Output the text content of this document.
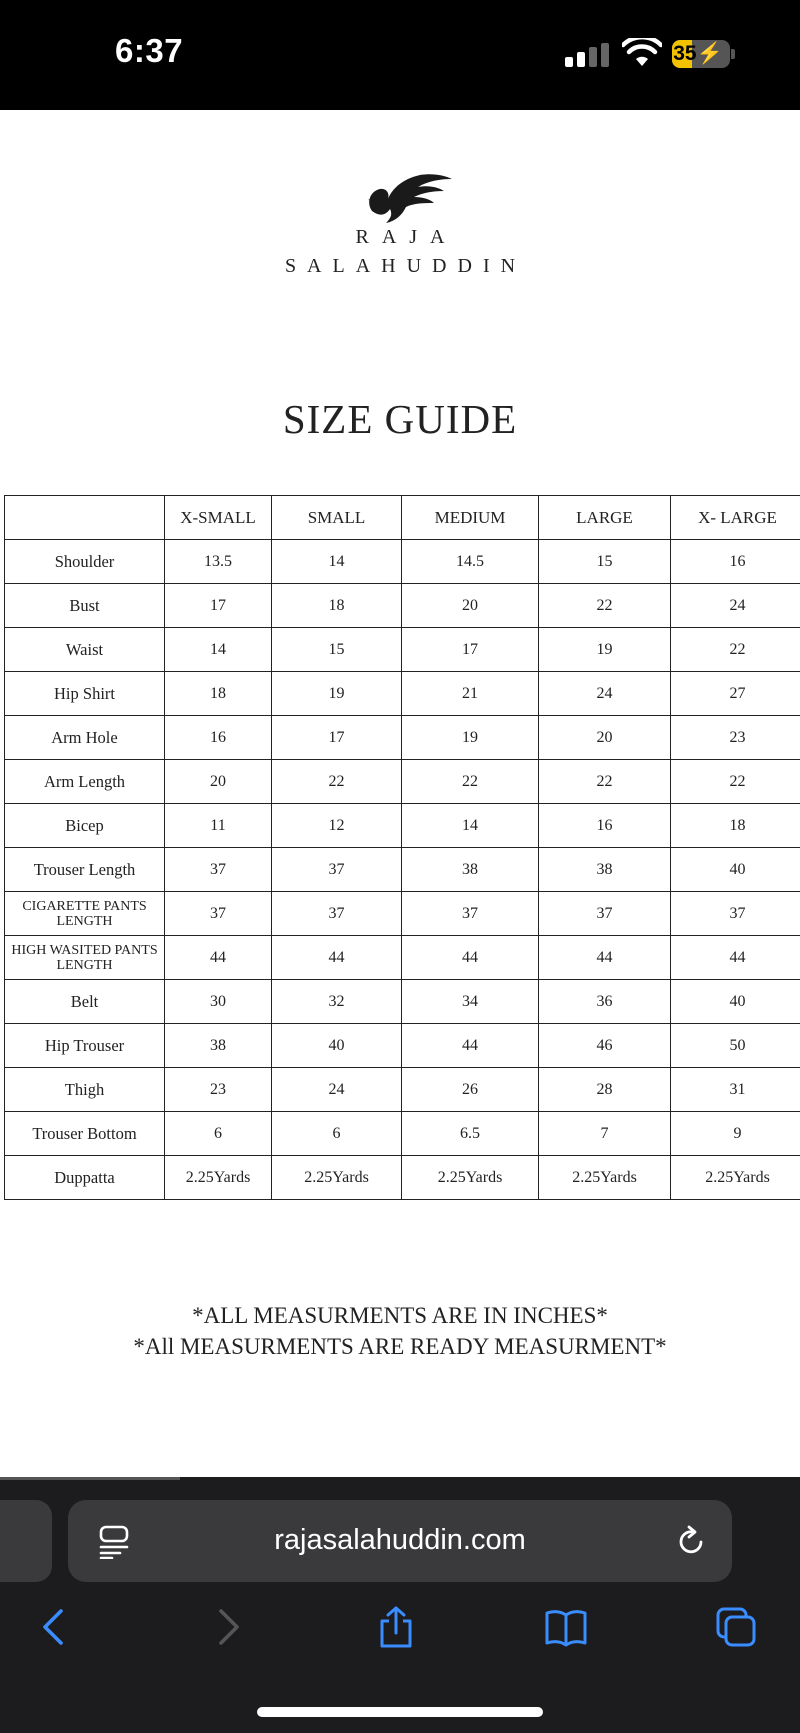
6:37	35⚡
RAJA
SALAHUDDIN
SIZE GUIDE
	X-SMALL	SMALL	MEDIUM	LARGE	X- LARGE
Shoulder	13.5	14	14.5	15	16
Bust	17	18	20	22	24
Waist	14	15	17	19	22
Hip Shirt	18	19	21	24	27
Arm Hole	16	17	19	20	23
Arm Length	20	22	22	22	22
Bicep	11	12	14	16	18
Trouser Length	37	37	38	38	40
CIGARETTE PANTS LENGTH	37	37	37	37	37
HIGH WASITED PANTS LENGTH	44	44	44	44	44
Belt	30	32	34	36	40
Hip Trouser	38	40	44	46	50
Thigh	23	24	26	28	31
Trouser Bottom	6	6	6.5	7	9
Duppatta	2.25Yards	2.25Yards	2.25Yards	2.25Yards	2.25Yards
*ALL MEASURMENTS ARE IN INCHES*
*All MEASURMENTS ARE READY MEASURMENT*
rajasalahuddin.com
